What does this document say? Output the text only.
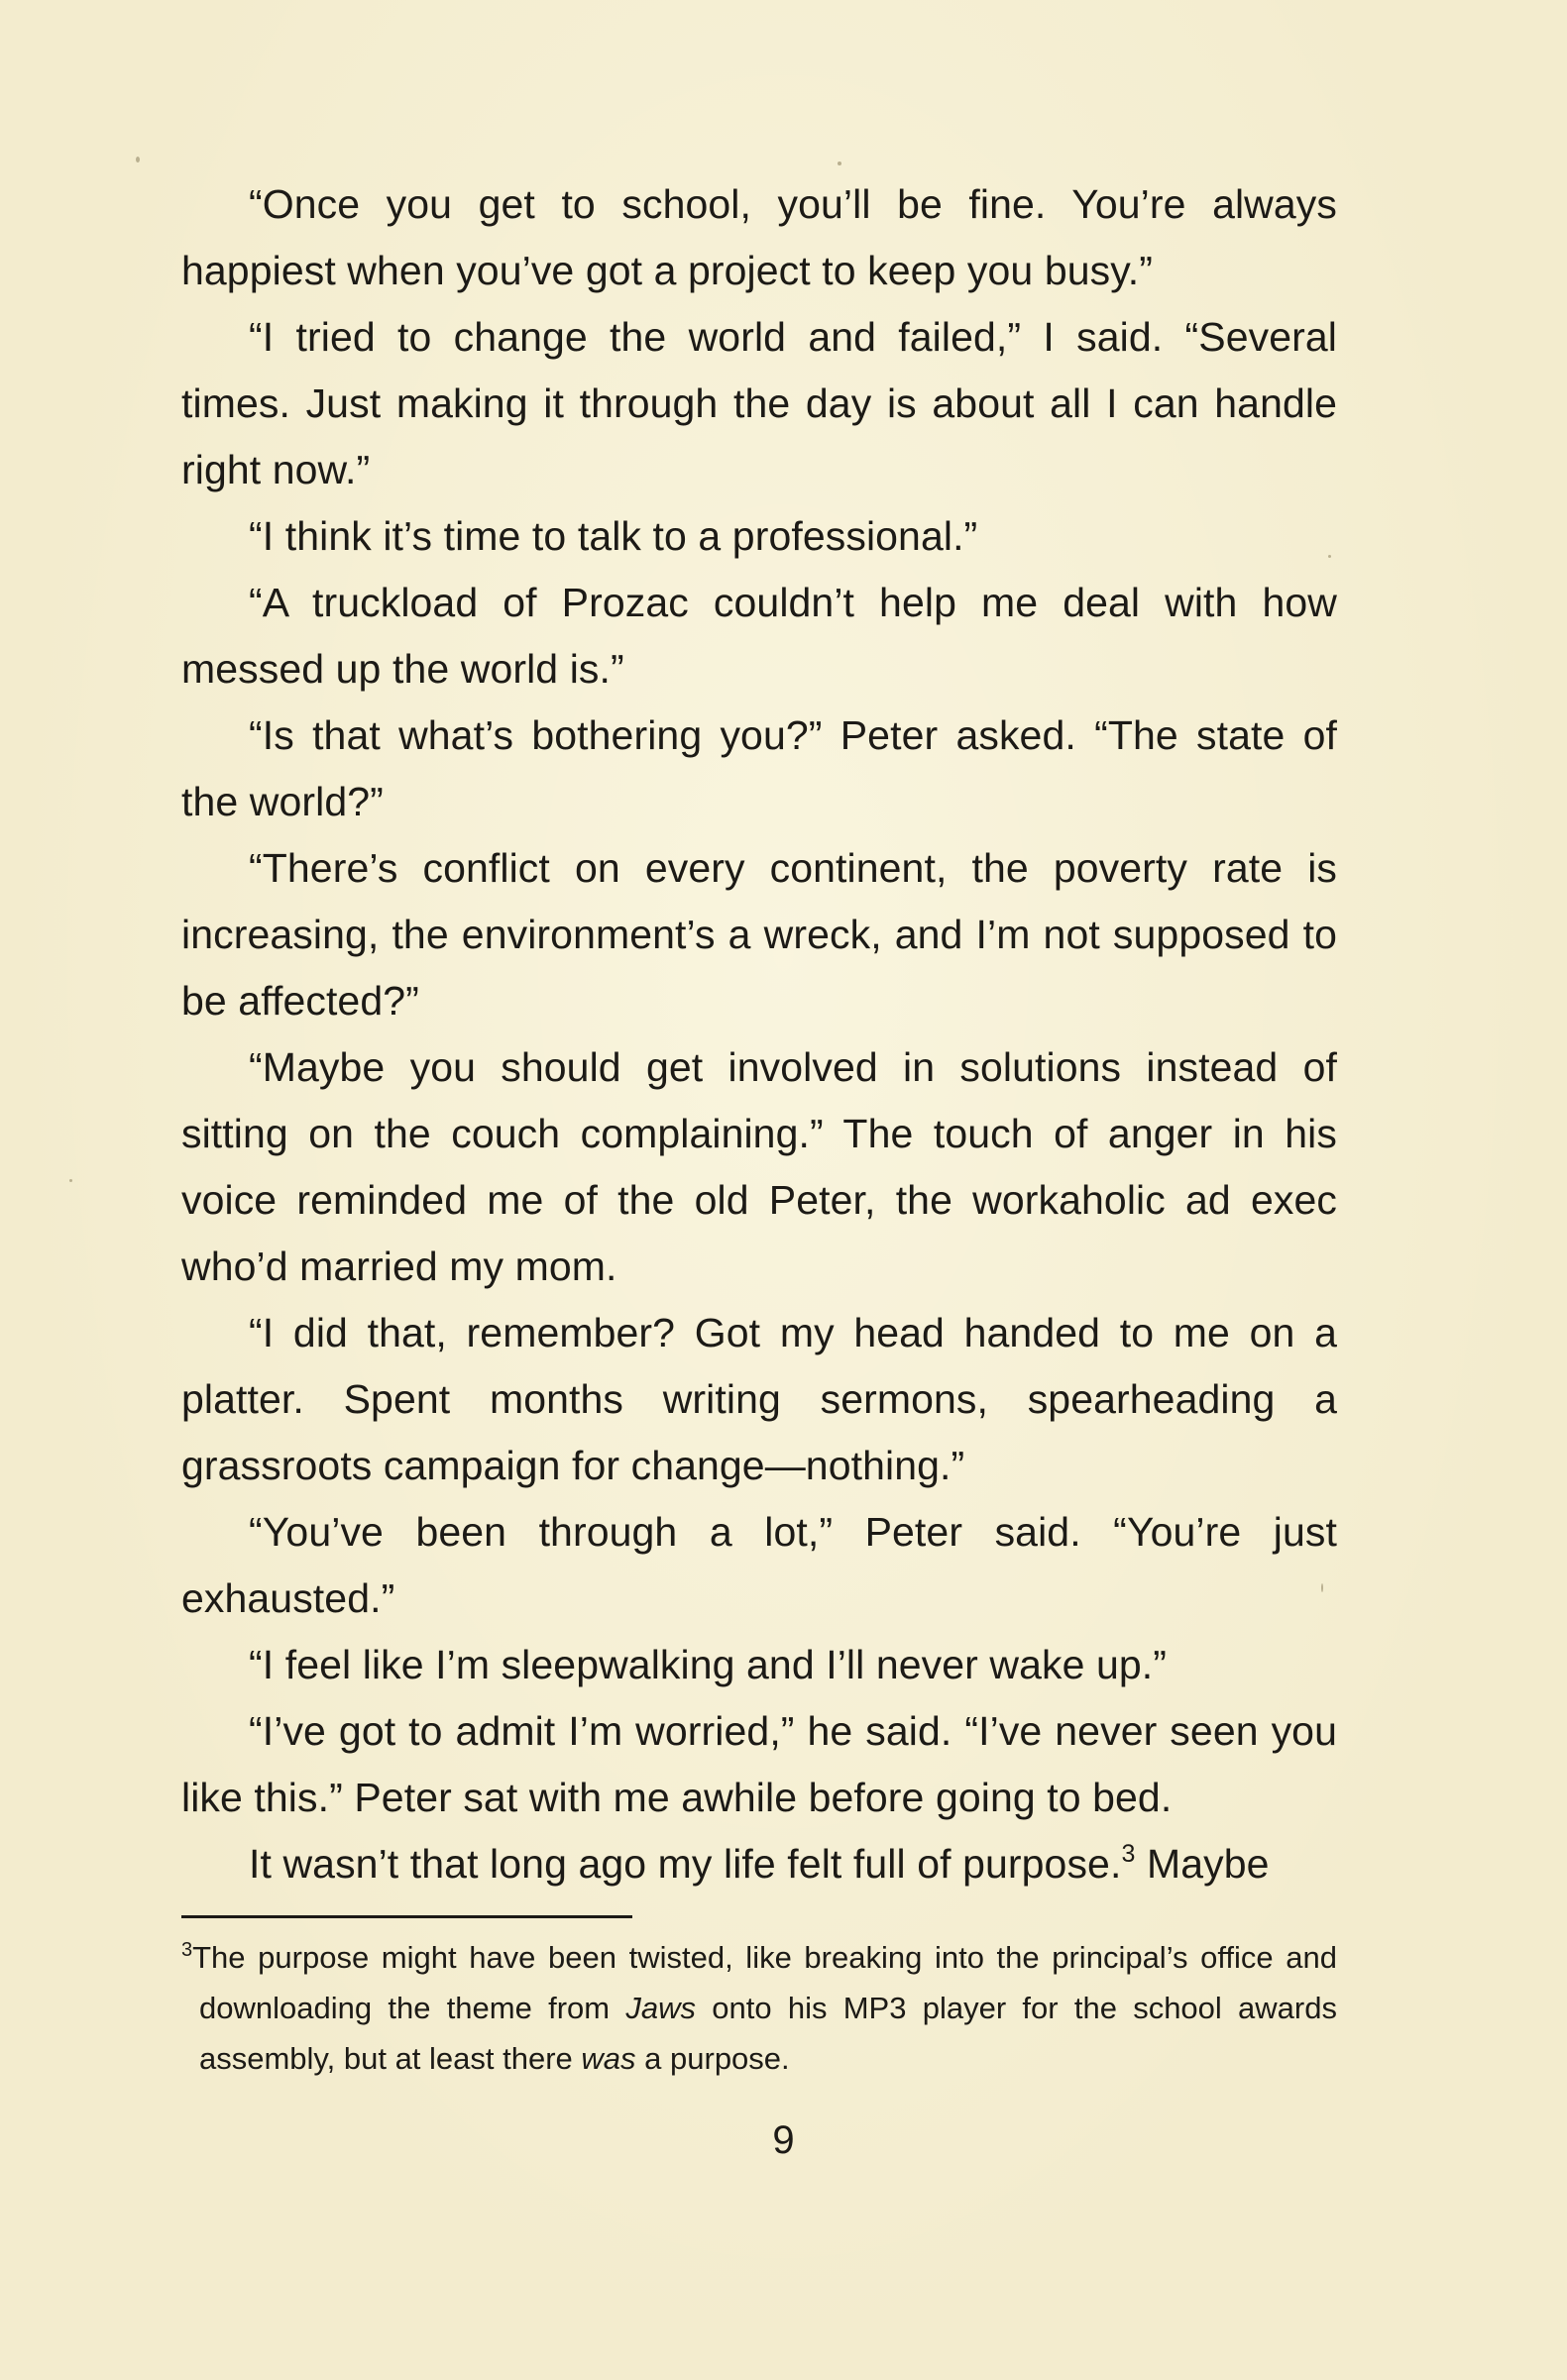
“Once you get to school, you’ll be fine. You’re always happiest when you’ve got a project to keep you busy.”

“I tried to change the world and failed,” I said. “Several times. Just making it through the day is about all I can handle right now.”

“I think it’s time to talk to a professional.”

“A truckload of Prozac couldn’t help me deal with how messed up the world is.”

“Is that what’s bothering you?” Peter asked. “The state of the world?”

“There’s conflict on every continent, the poverty rate is increasing, the environment’s a wreck, and I’m not supposed to be affected?”

“Maybe you should get involved in solutions instead of sitting on the couch complaining.” The touch of anger in his voice reminded me of the old Peter, the workaholic ad exec who’d married my mom.

“I did that, remember? Got my head handed to me on a platter. Spent months writing sermons, spearheading a grassroots campaign for change—nothing.”

“You’ve been through a lot,” Peter said. “You’re just exhausted.”

“I feel like I’m sleepwalking and I’ll never wake up.”

“I’ve got to admit I’m worried,” he said. “I’ve never seen you like this.” Peter sat with me awhile before going to bed.

It wasn’t that long ago my life felt full of purpose.$^3$ Maybe

$^3$The purpose might have been twisted, like breaking into the principal’s office and downloading the theme from Jaws onto his MP3 player for the school awards assembly, but at least there was a purpose.

9
